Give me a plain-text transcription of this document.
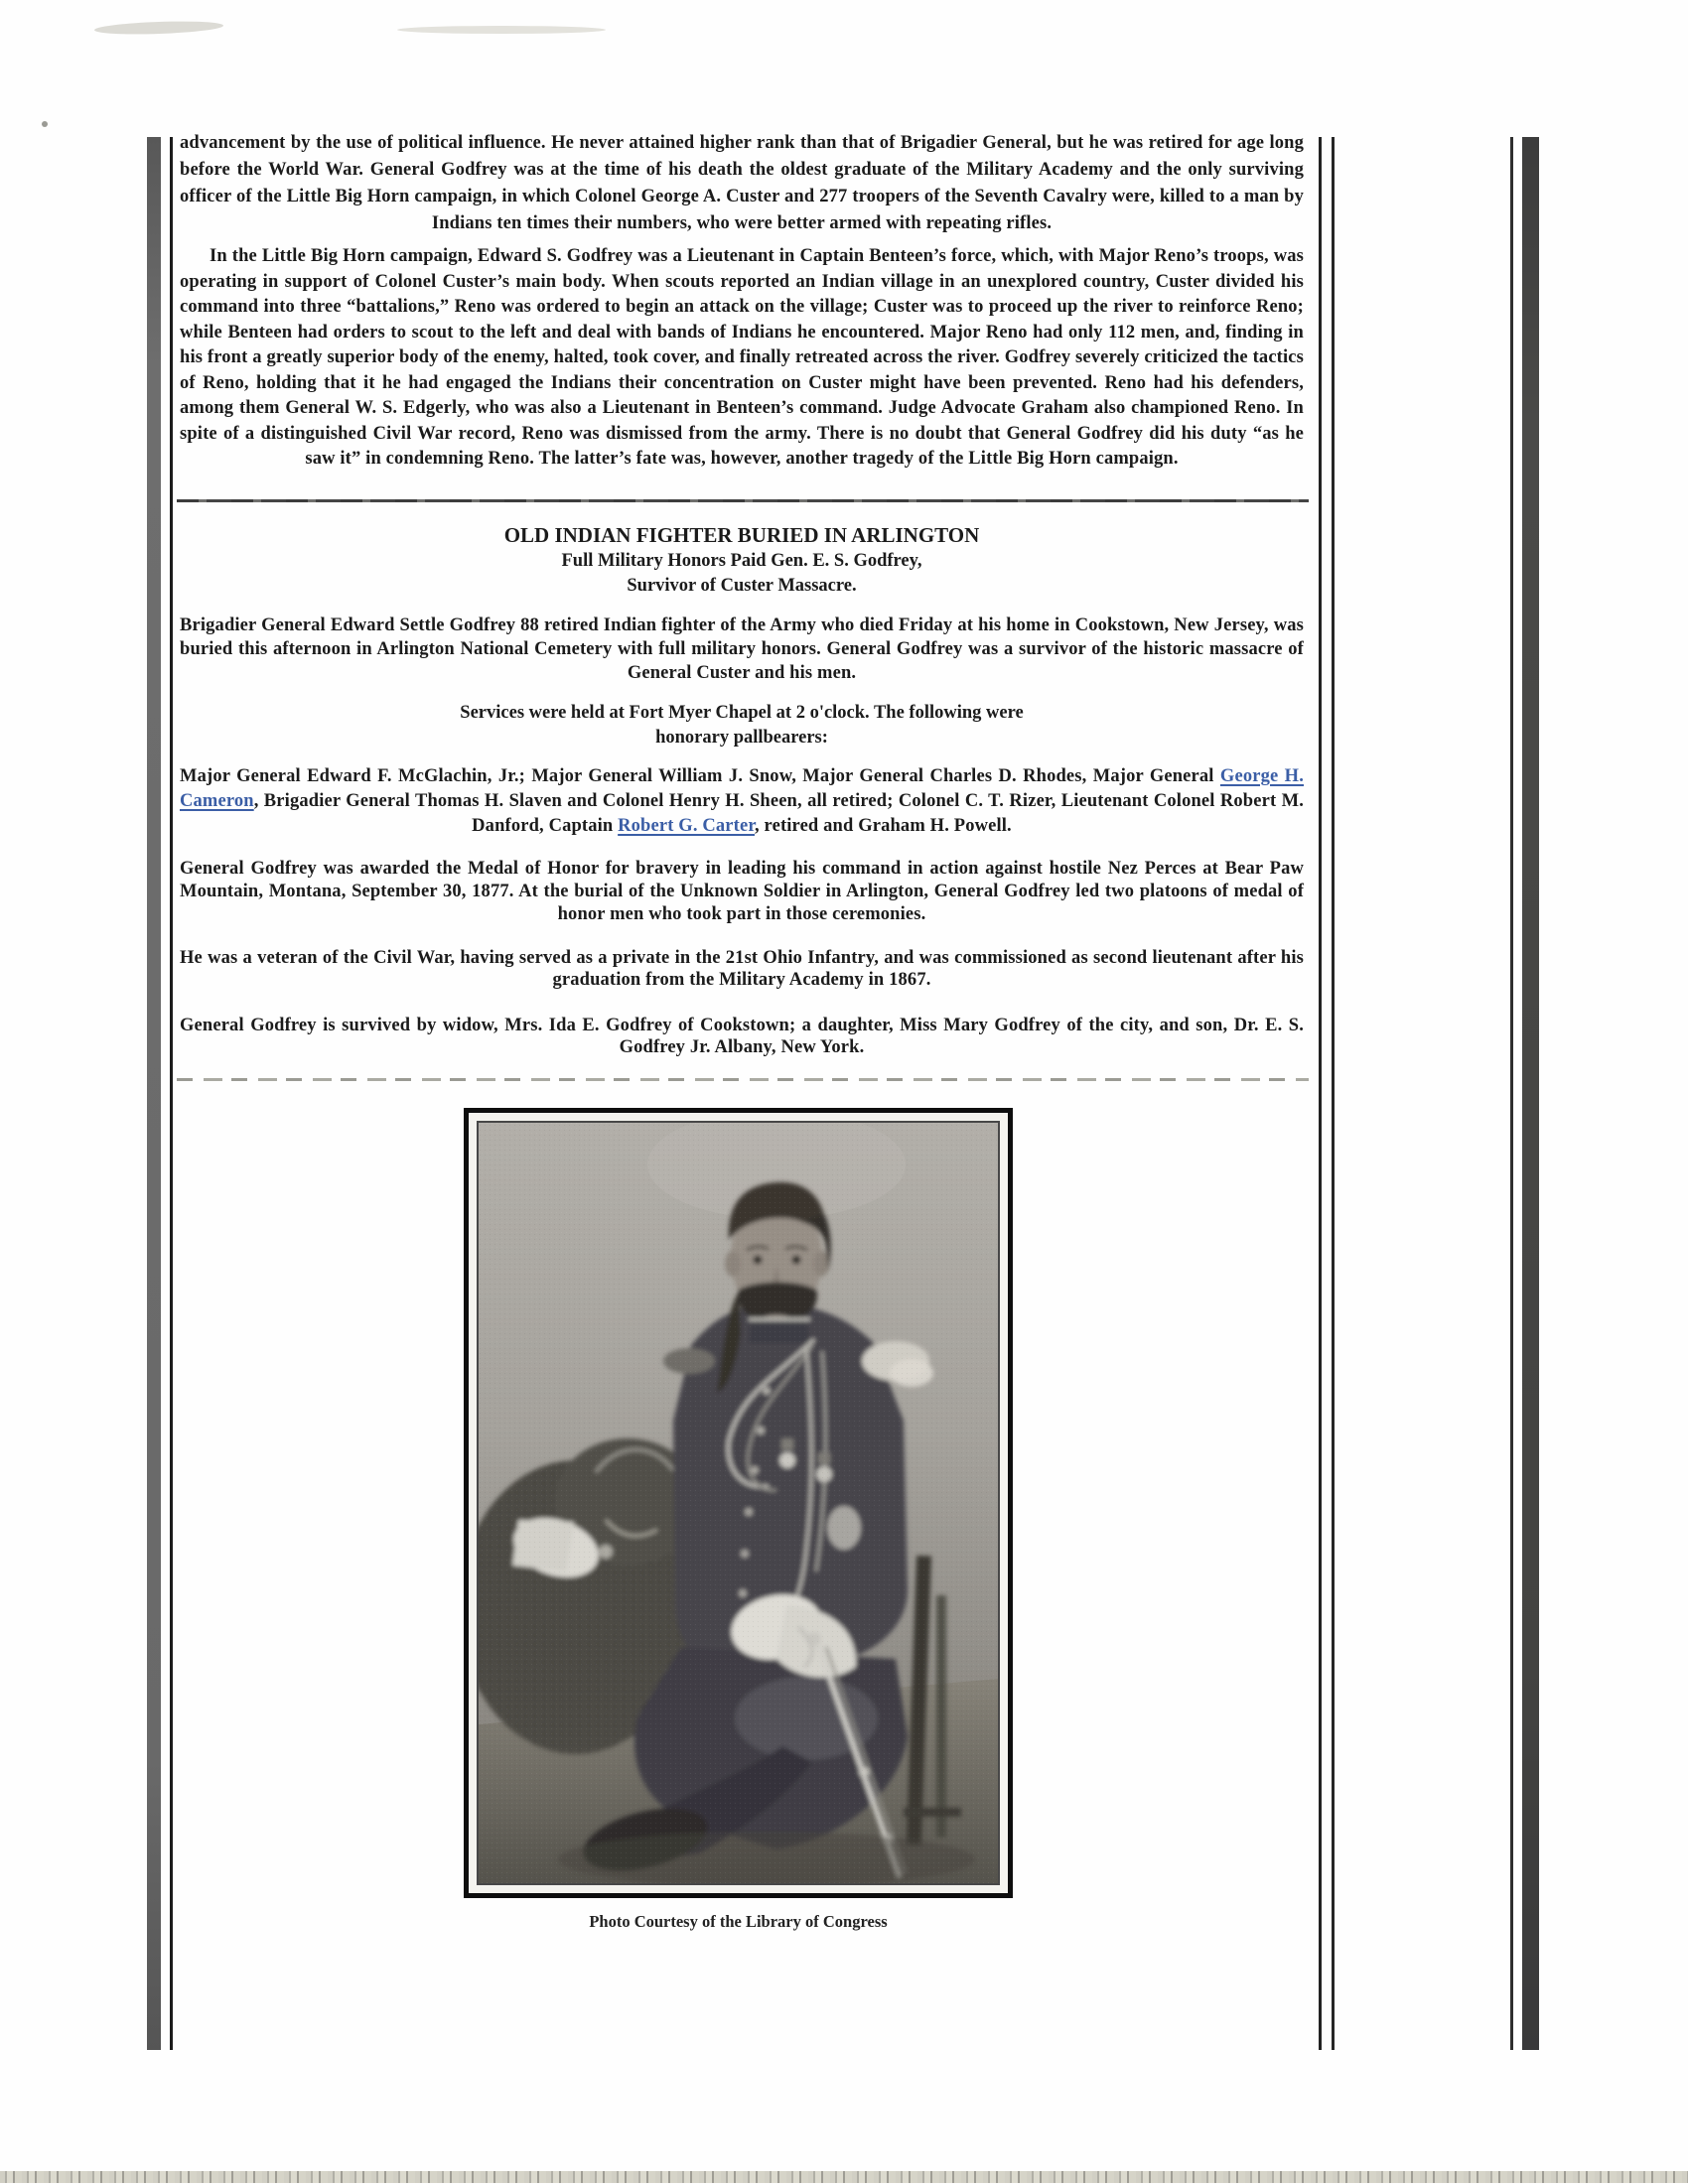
advancement by the use of political influence. He never attained higher rank than that of Brigadier General, but he was retired for age long before the World War. General Godfrey was at the time of his death the oldest graduate of the Military Academy and the only surviving officer of the Little Big Horn campaign, in which Colonel George A. Custer and 277 troopers of the Seventh Cavalry were, killed to a man by Indians ten times their numbers, who were better armed with repeating rifles.

In the Little Big Horn campaign, Edward S. Godfrey was a Lieutenant in Captain Benteen’s force, which, with Major Reno’s troops, was operating in support of Colonel Custer’s main body. When scouts reported an Indian village in an unexplored country, Custer divided his command into three “battalions,” Reno was ordered to begin an attack on the village; Custer was to proceed up the river to reinforce Reno; while Benteen had orders to scout to the left and deal with bands of Indians he encountered. Major Reno had only 112 men, and, finding in his front a greatly superior body of the enemy, halted, took cover, and finally retreated across the river. Godfrey severely criticized the tactics of Reno, holding that it he had engaged the Indians their concentration on Custer might have been prevented. Reno had his defenders, among them General W. S. Edgerly, who was also a Lieutenant in Benteen’s command. Judge Advocate Graham also championed Reno. In spite of a distinguished Civil War record, Reno was dismissed from the army. There is no doubt that General Godfrey did his duty “as he saw it” in condemning Reno. The latter’s fate was, however, another tragedy of the Little Big Horn campaign.

OLD INDIAN FIGHTER BURIED IN ARLINGTON

Full Military Honors Paid Gen. E. S. Godfrey,

Survivor of Custer Massacre.

Brigadier General Edward Settle Godfrey 88 retired Indian fighter of the Army who died Friday at his home in Cookstown, New Jersey, was buried this afternoon in Arlington National Cemetery with full military honors. General Godfrey was a survivor of the historic massacre of General Custer and his men.

Services were held at Fort Myer Chapel at 2 o'clock. The following were
honorary pallbearers:

Major General Edward F. McGlachin, Jr.; Major General William J. Snow, Major General Charles D. Rhodes, Major General George H. Cameron, Brigadier General Thomas H. Slaven and Colonel Henry H. Sheen, all retired; Colonel C. T. Rizer, Lieutenant Colonel Robert M. Danford, Captain Robert G. Carter, retired and Graham H. Powell.

General Godfrey was awarded the Medal of Honor for bravery in leading his command in action against hostile Nez Perces at Bear Paw Mountain, Montana, September 30, 1877. At the burial of the Unknown Soldier in Arlington, General Godfrey led two platoons of medal of honor men who took part in those ceremonies.

He was a veteran of the Civil War, having served as a private in the 21st Ohio Infantry, and was commissioned as second lieutenant after his graduation from the Military Academy in 1867.

General Godfrey is survived by widow, Mrs. Ida E. Godfrey of Cookstown; a daughter, Miss Mary Godfrey of the city, and son, Dr. E. S. Godfrey Jr. Albany, New York.

Photo Courtesy of the Library of Congress
